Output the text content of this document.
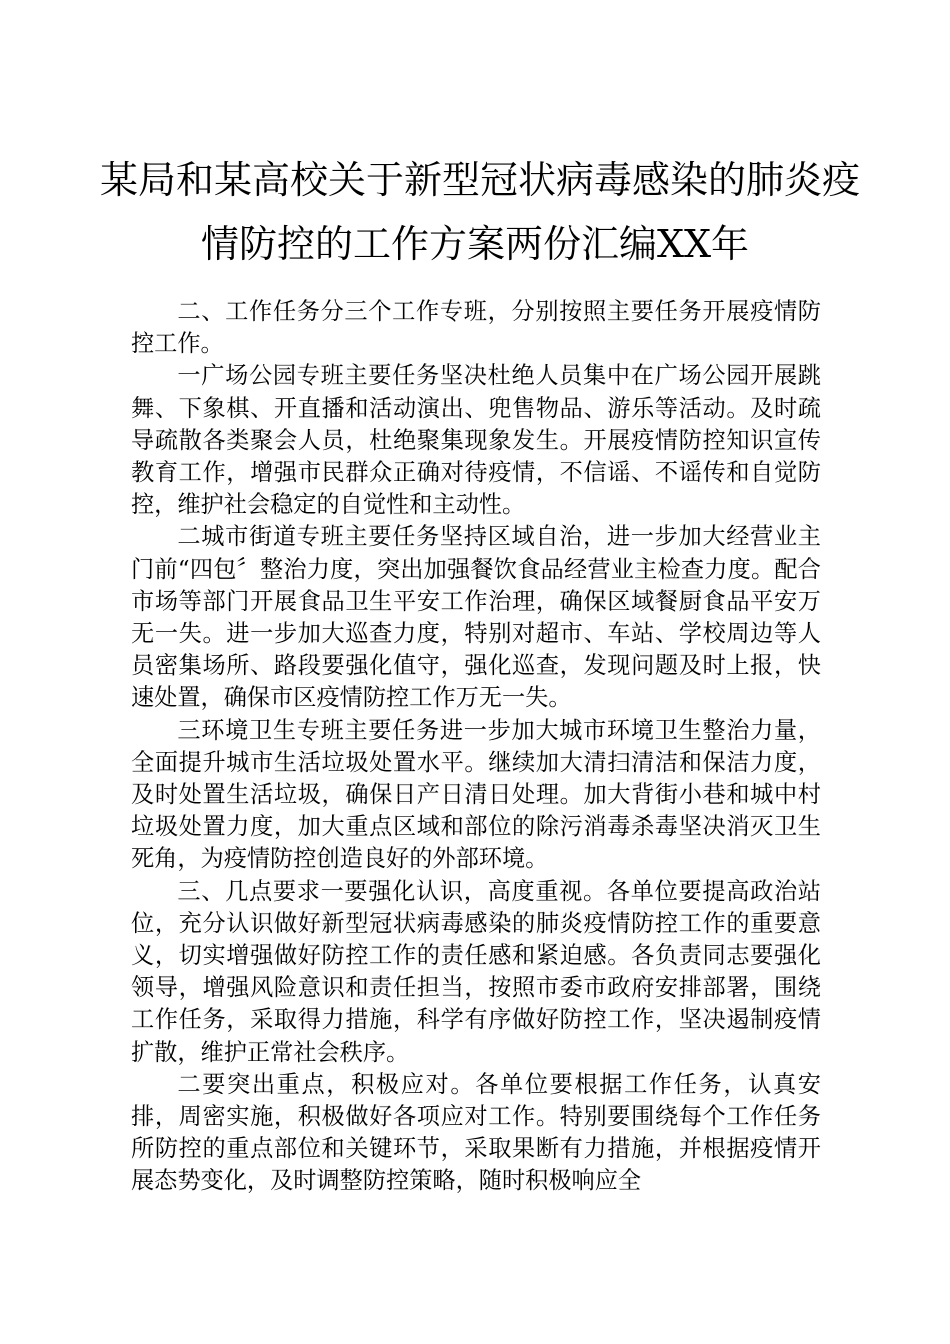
某局和某高校关于新型冠状病毒感染的肺炎疫
情防控的工作方案两份汇编XX年

二、工作任务分三个工作专班，分别按照主要任务开展疫情防控工作。

一广场公园专班主要任务坚决杜绝人员集中在广场公园开展跳舞、下象棋、开直播和活动演出、兜售物品、游乐等活动。及时疏导疏散各类聚会人员，杜绝聚集现象发生。开展疫情防控知识宣传教育工作，增强市民群众正确对待疫情，不信谣、不谣传和自觉防控，维护社会稳定的自觉性和主动性。

二城市街道专班主要任务坚持区域自治，进一步加大经营业主门前“四包〞整治力度，突出加强餐饮食品经营业主检查力度。配合市场等部门开展食品卫生平安工作治理，确保区域餐厨食品平安万无一失。进一步加大巡查力度，特别对超市、车站、学校周边等人员密集场所、路段要强化值守，强化巡查，发现问题及时上报，快速处置，确保市区疫情防控工作万无一失。

三环境卫生专班主要任务进一步加大城市环境卫生整治力量，全面提升城市生活垃圾处置水平。继续加大清扫清洁和保洁力度，及时处置生活垃圾，确保日产日清日处理。加大背街小巷和城中村垃圾处置力度，加大重点区域和部位的除污消毒杀毒坚决消灭卫生死角，为疫情防控创造良好的外部环境。

三、几点要求一要强化认识，高度重视。各单位要提高政治站位，充分认识做好新型冠状病毒感染的肺炎疫情防控工作的重要意义，切实增强做好防控工作的责任感和紧迫感。各负责同志要强化领导，增强风险意识和责任担当，按照市委市政府安排部署，围绕工作任务，采取得力措施，科学有序做好防控工作，坚决遏制疫情扩散，维护正常社会秩序。

二要突出重点，积极应对。各单位要根据工作任务，认真安排，周密实施，积极做好各项应对工作。特别要围绕每个工作任务所防控的重点部位和关键环节，采取果断有力措施，并根据疫情开展态势变化，及时调整防控策略，随时积极响应全
